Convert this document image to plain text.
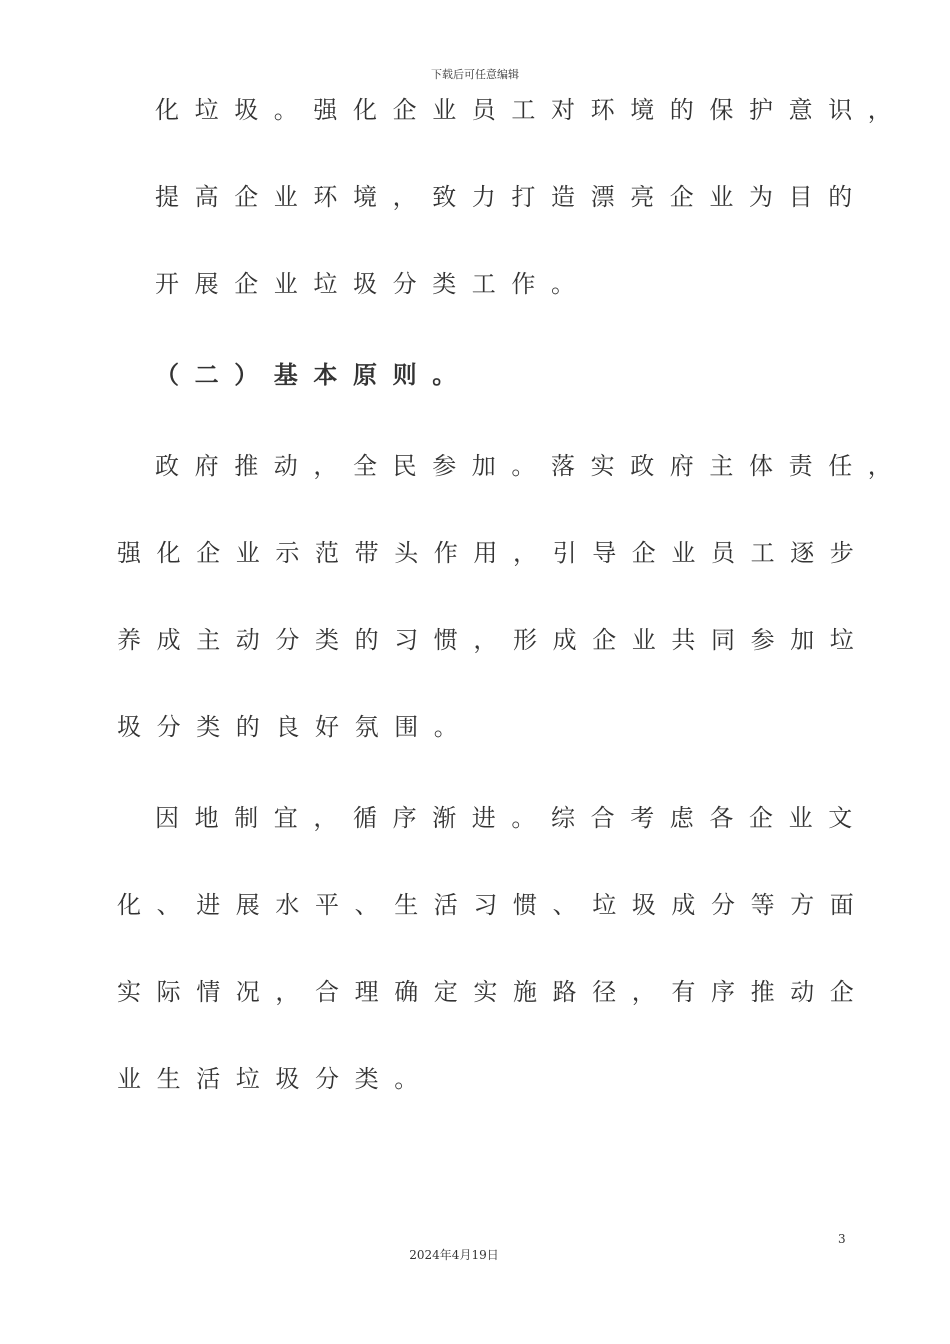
下载后可任意编辑
化垃圾。强化企业员工对环境的保护意识，
提高企业环境，致力打造漂亮企业为目的
开展企业垃圾分类工作。
（二）基本原则。
政府推动，全民参加。落实政府主体责任，
强化企业示范带头作用，引导企业员工逐步
养成主动分类的习惯，形成企业共同参加垃
圾分类的良好氛围。
因地制宜，循序渐进。综合考虑各企业文
化、进展水平、生活习惯、垃圾成分等方面
实际情况，合理确定实施路径，有序推动企
业生活垃圾分类。
3
2024年4月19日
